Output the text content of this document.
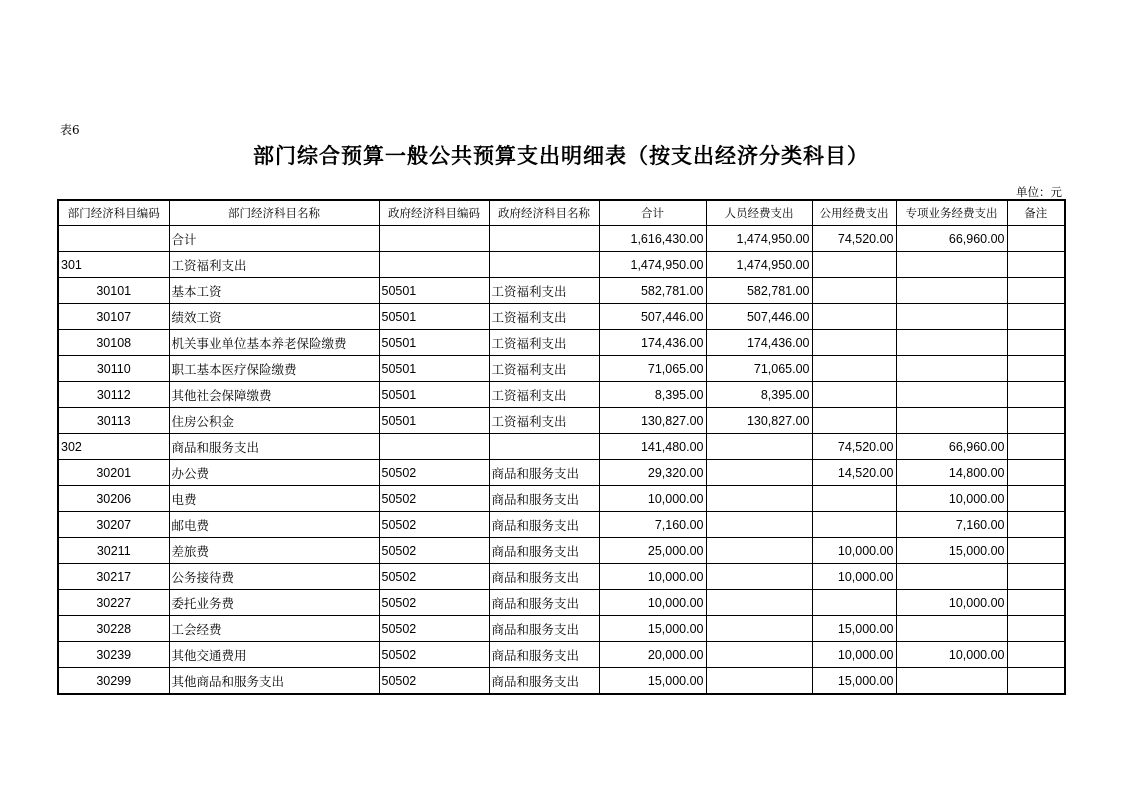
表6
部门综合预算一般公共预算支出明细表（按支出经济分类科目）
单位：元
部门经济科目编码	部门经济科目名称	政府经济科目编码	政府经济科目名称	合计	人员经费支出	公用经费支出	专项业务经费支出	备注
	合计			1,616,430.00	1,474,950.00	74,520.00	66,960.00	
301	工资福利支出			1,474,950.00	1,474,950.00			
30101	基本工资	50501	工资福利支出	582,781.00	582,781.00			
30107	绩效工资	50501	工资福利支出	507,446.00	507,446.00			
30108	机关事业单位基本养老保险缴费	50501	工资福利支出	174,436.00	174,436.00			
30110	职工基本医疗保险缴费	50501	工资福利支出	71,065.00	71,065.00			
30112	其他社会保障缴费	50501	工资福利支出	8,395.00	8,395.00			
30113	住房公积金	50501	工资福利支出	130,827.00	130,827.00			
302	商品和服务支出			141,480.00		74,520.00	66,960.00	
30201	办公费	50502	商品和服务支出	29,320.00		14,520.00	14,800.00	
30206	电费	50502	商品和服务支出	10,000.00			10,000.00	
30207	邮电费	50502	商品和服务支出	7,160.00			7,160.00	
30211	差旅费	50502	商品和服务支出	25,000.00		10,000.00	15,000.00	
30217	公务接待费	50502	商品和服务支出	10,000.00		10,000.00		
30227	委托业务费	50502	商品和服务支出	10,000.00			10,000.00	
30228	工会经费	50502	商品和服务支出	15,000.00		15,000.00		
30239	其他交通费用	50502	商品和服务支出	20,000.00		10,000.00	10,000.00	
30299	其他商品和服务支出	50502	商品和服务支出	15,000.00		15,000.00		
